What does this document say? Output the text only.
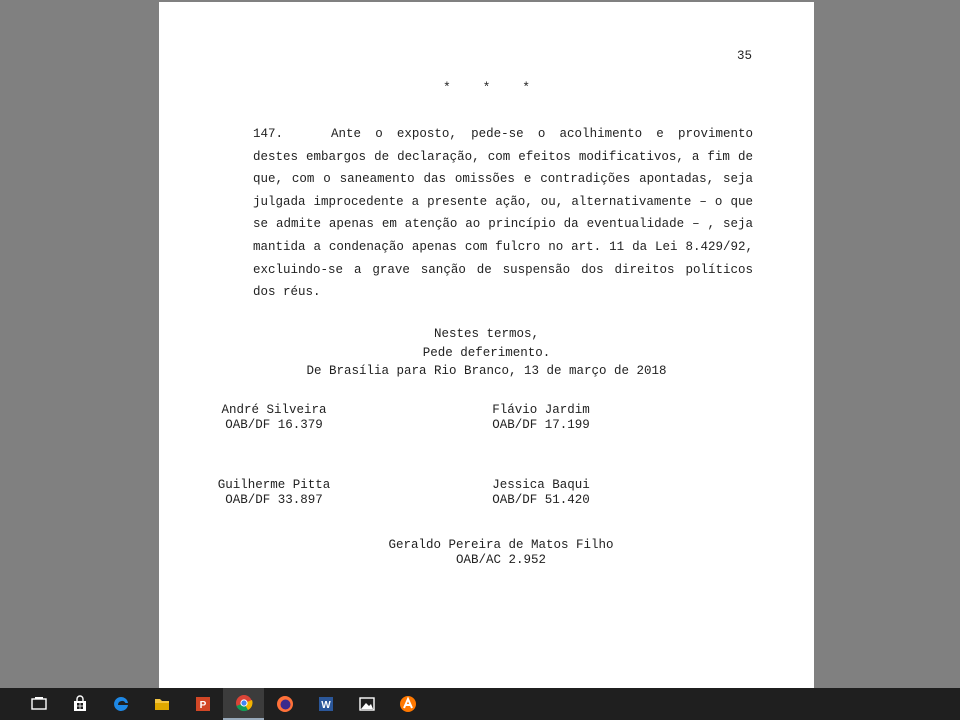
35
* * *
147.	Ante o exposto, pede-se o acolhimento e provimento destes embargos de declaração, com efeitos modificativos, a fim de que, com o saneamento das omissões e contradições apontadas, seja julgada improcedente a presente ação, ou, alternativamente – o que se admite apenas em atenção ao princípio da eventualidade – , seja mantida a condenação apenas com fulcro no art. 11 da Lei 8.429/92, excluindo-se a grave sanção de suspensão dos direitos políticos dos réus.
Nestes termos,
Pede deferimento.
De Brasília para Rio Branco, 13 de março de 2018
André Silveira
OAB/DF 16.379
Flávio Jardim
OAB/DF 17.199
Guilherme Pitta
OAB/DF 33.897
Jessica Baqui
OAB/DF 51.420
Geraldo Pereira de Matos Filho
OAB/AC 2.952
P	W
